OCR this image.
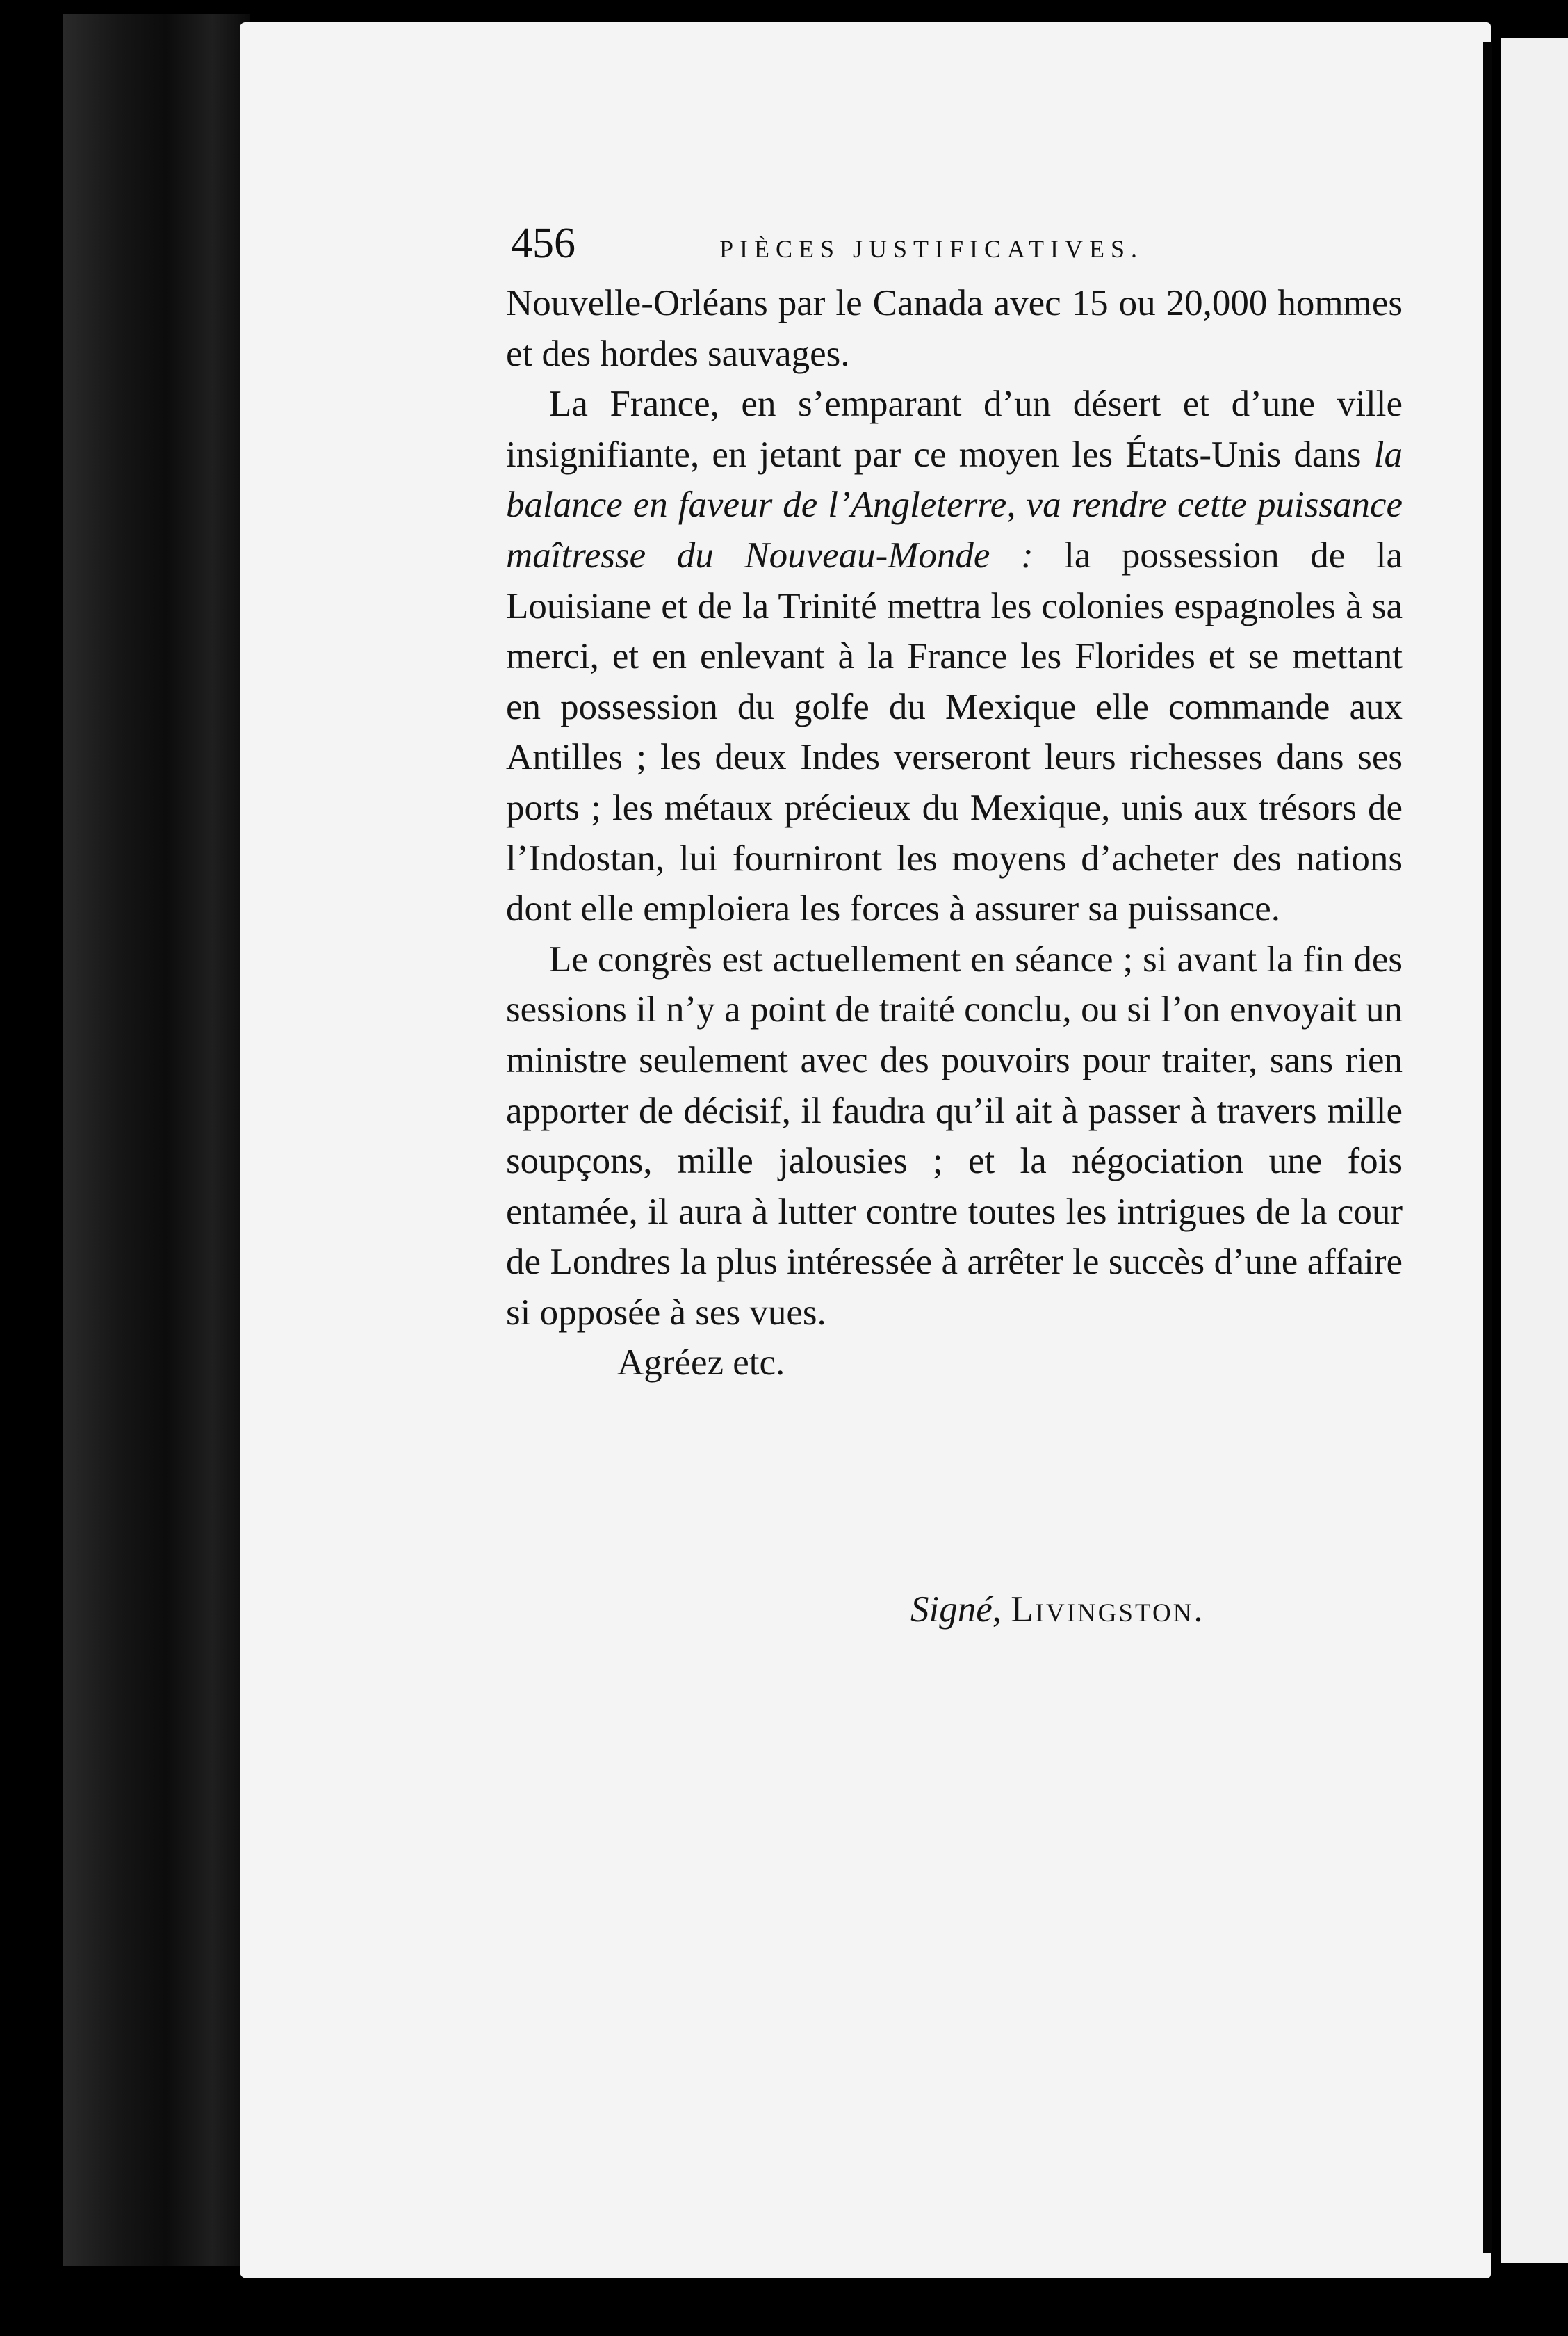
456	PIÈCES JUSTIFICATIVES.

Nouvelle-Orléans par le Canada avec 15 ou 20,000 hommes et des hordes sauvages.

La France, en s’emparant d’un désert et d’une ville insignifiante, en jetant par ce moyen les États-Unis dans la balance en faveur de l’Angleterre, va rendre cette puissance maîtresse du Nouveau-Monde : la possession de la Louisiane et de la Trinité mettra les colonies espagnoles à sa merci, et en enlevant à la France les Florides et se mettant en possession du golfe du Mexique elle commande aux Antilles ; les deux Indes verseront leurs richesses dans ses ports ; les métaux précieux du Mexique, unis aux trésors de l’Indostan, lui fourniront les moyens d’acheter des nations dont elle emploiera les forces à assurer sa puissance.

Le congrès est actuellement en séance ; si avant la fin des sessions il n’y a point de traité conclu, ou si l’on envoyait un ministre seulement avec des pouvoirs pour traiter, sans rien apporter de décisif, il faudra qu’il ait à passer à travers mille soupçons, mille jalousies ; et la négociation une fois entamée, il aura à lutter contre toutes les intrigues de la cour de Londres la plus intéressée à arrêter le succès d’une affaire si opposée à ses vues.

Agréez etc.

Signé, Livingston.
